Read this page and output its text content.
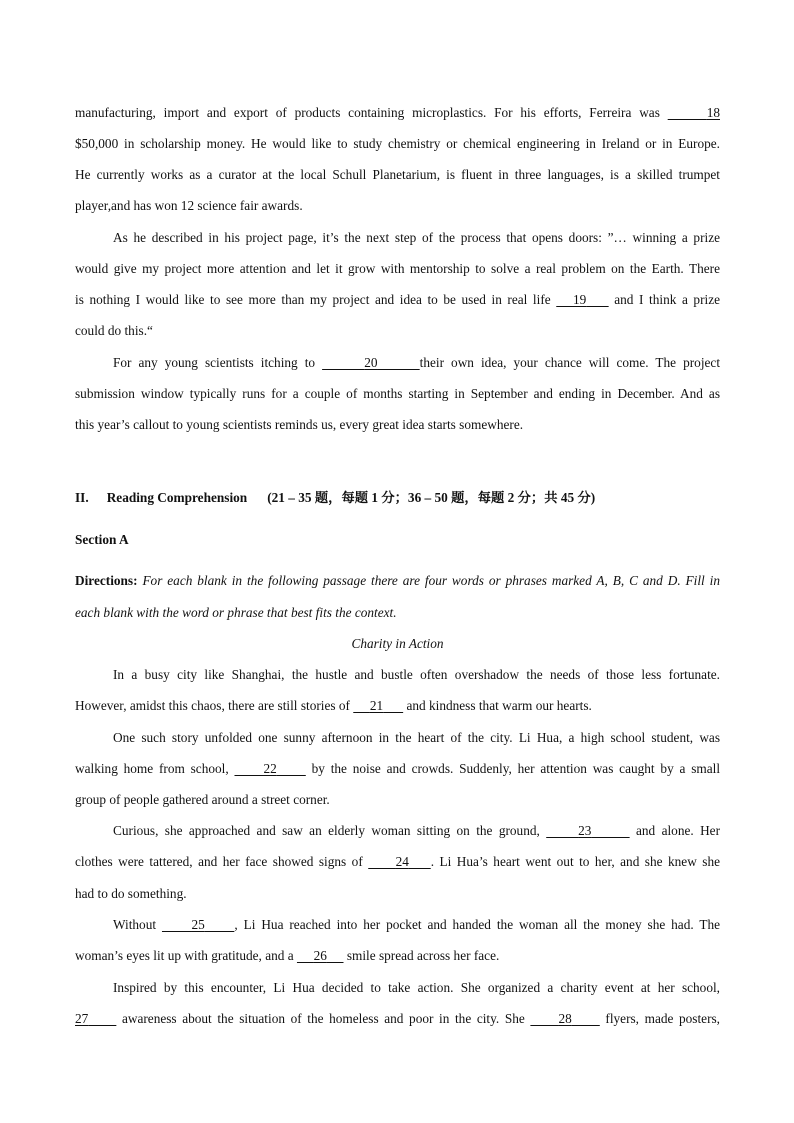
manufacturing, import and export of products containing microplastics. For his efforts, Ferreira was	18
$50,000 in scholarship money. He would like to study chemistry or chemical engineering in Ireland or in Europe.
He currently works as a curator at the local Schull Planetarium, is fluent in three languages, is a skilled trumpet
player,and has won 12 science fair awards.
As he described in his project page, it’s the next step of the process that opens doors: ”… winning a prize
would give my project more attention and let it grow with mentorship to solve a real problem on the Earth. There
is nothing I would like to see more than my project and idea to be used in real life 19 and I think a prize
could do this.“
For any young scientists itching to	20	their own idea, your chance will come. The project
submission window typically runs for a couple of months starting in September and ending in December. And as
this year’s callout to young scientists reminds us, every great idea starts somewhere.
II. Reading Comprehension (21 – 35 题，每题 1 分；36 – 50 题，每题 2 分；共 45 分)
Section A
Directions: For each blank in the following passage there are four words or phrases marked A, B, C and D. Fill in
each blank with the word or phrase that best fits the context.
Charity in Action
In a busy city like Shanghai, the hustle and bustle often overshadow the needs of those less fortunate.
However, amidst this chaos, there are still stories of 21 and kindness that warm our hearts.
One such story unfolded one sunny afternoon in the heart of the city. Li Hua, a high school student, was
walking home from school,	22	by the noise and crowds. Suddenly, her attention was caught by a small
group of people gathered around a street corner.
Curious, she approached and saw an elderly woman sitting on the ground,	23	and alone. Her
clothes were tattered, and her face showed signs of 24 . Li Hua’s heart went out to her, and she knew she
had to do something.
Without	25 , Li Hua reached into her pocket and handed the woman all the money she had. The
woman’s eyes lit up with gratitude, and a 26 smile spread across her face.
Inspired by this encounter, Li Hua decided to take action. She organized a charity event at her school,
27	awareness about the situation of the homeless and poor in the city. She	28	flyers, made posters,
